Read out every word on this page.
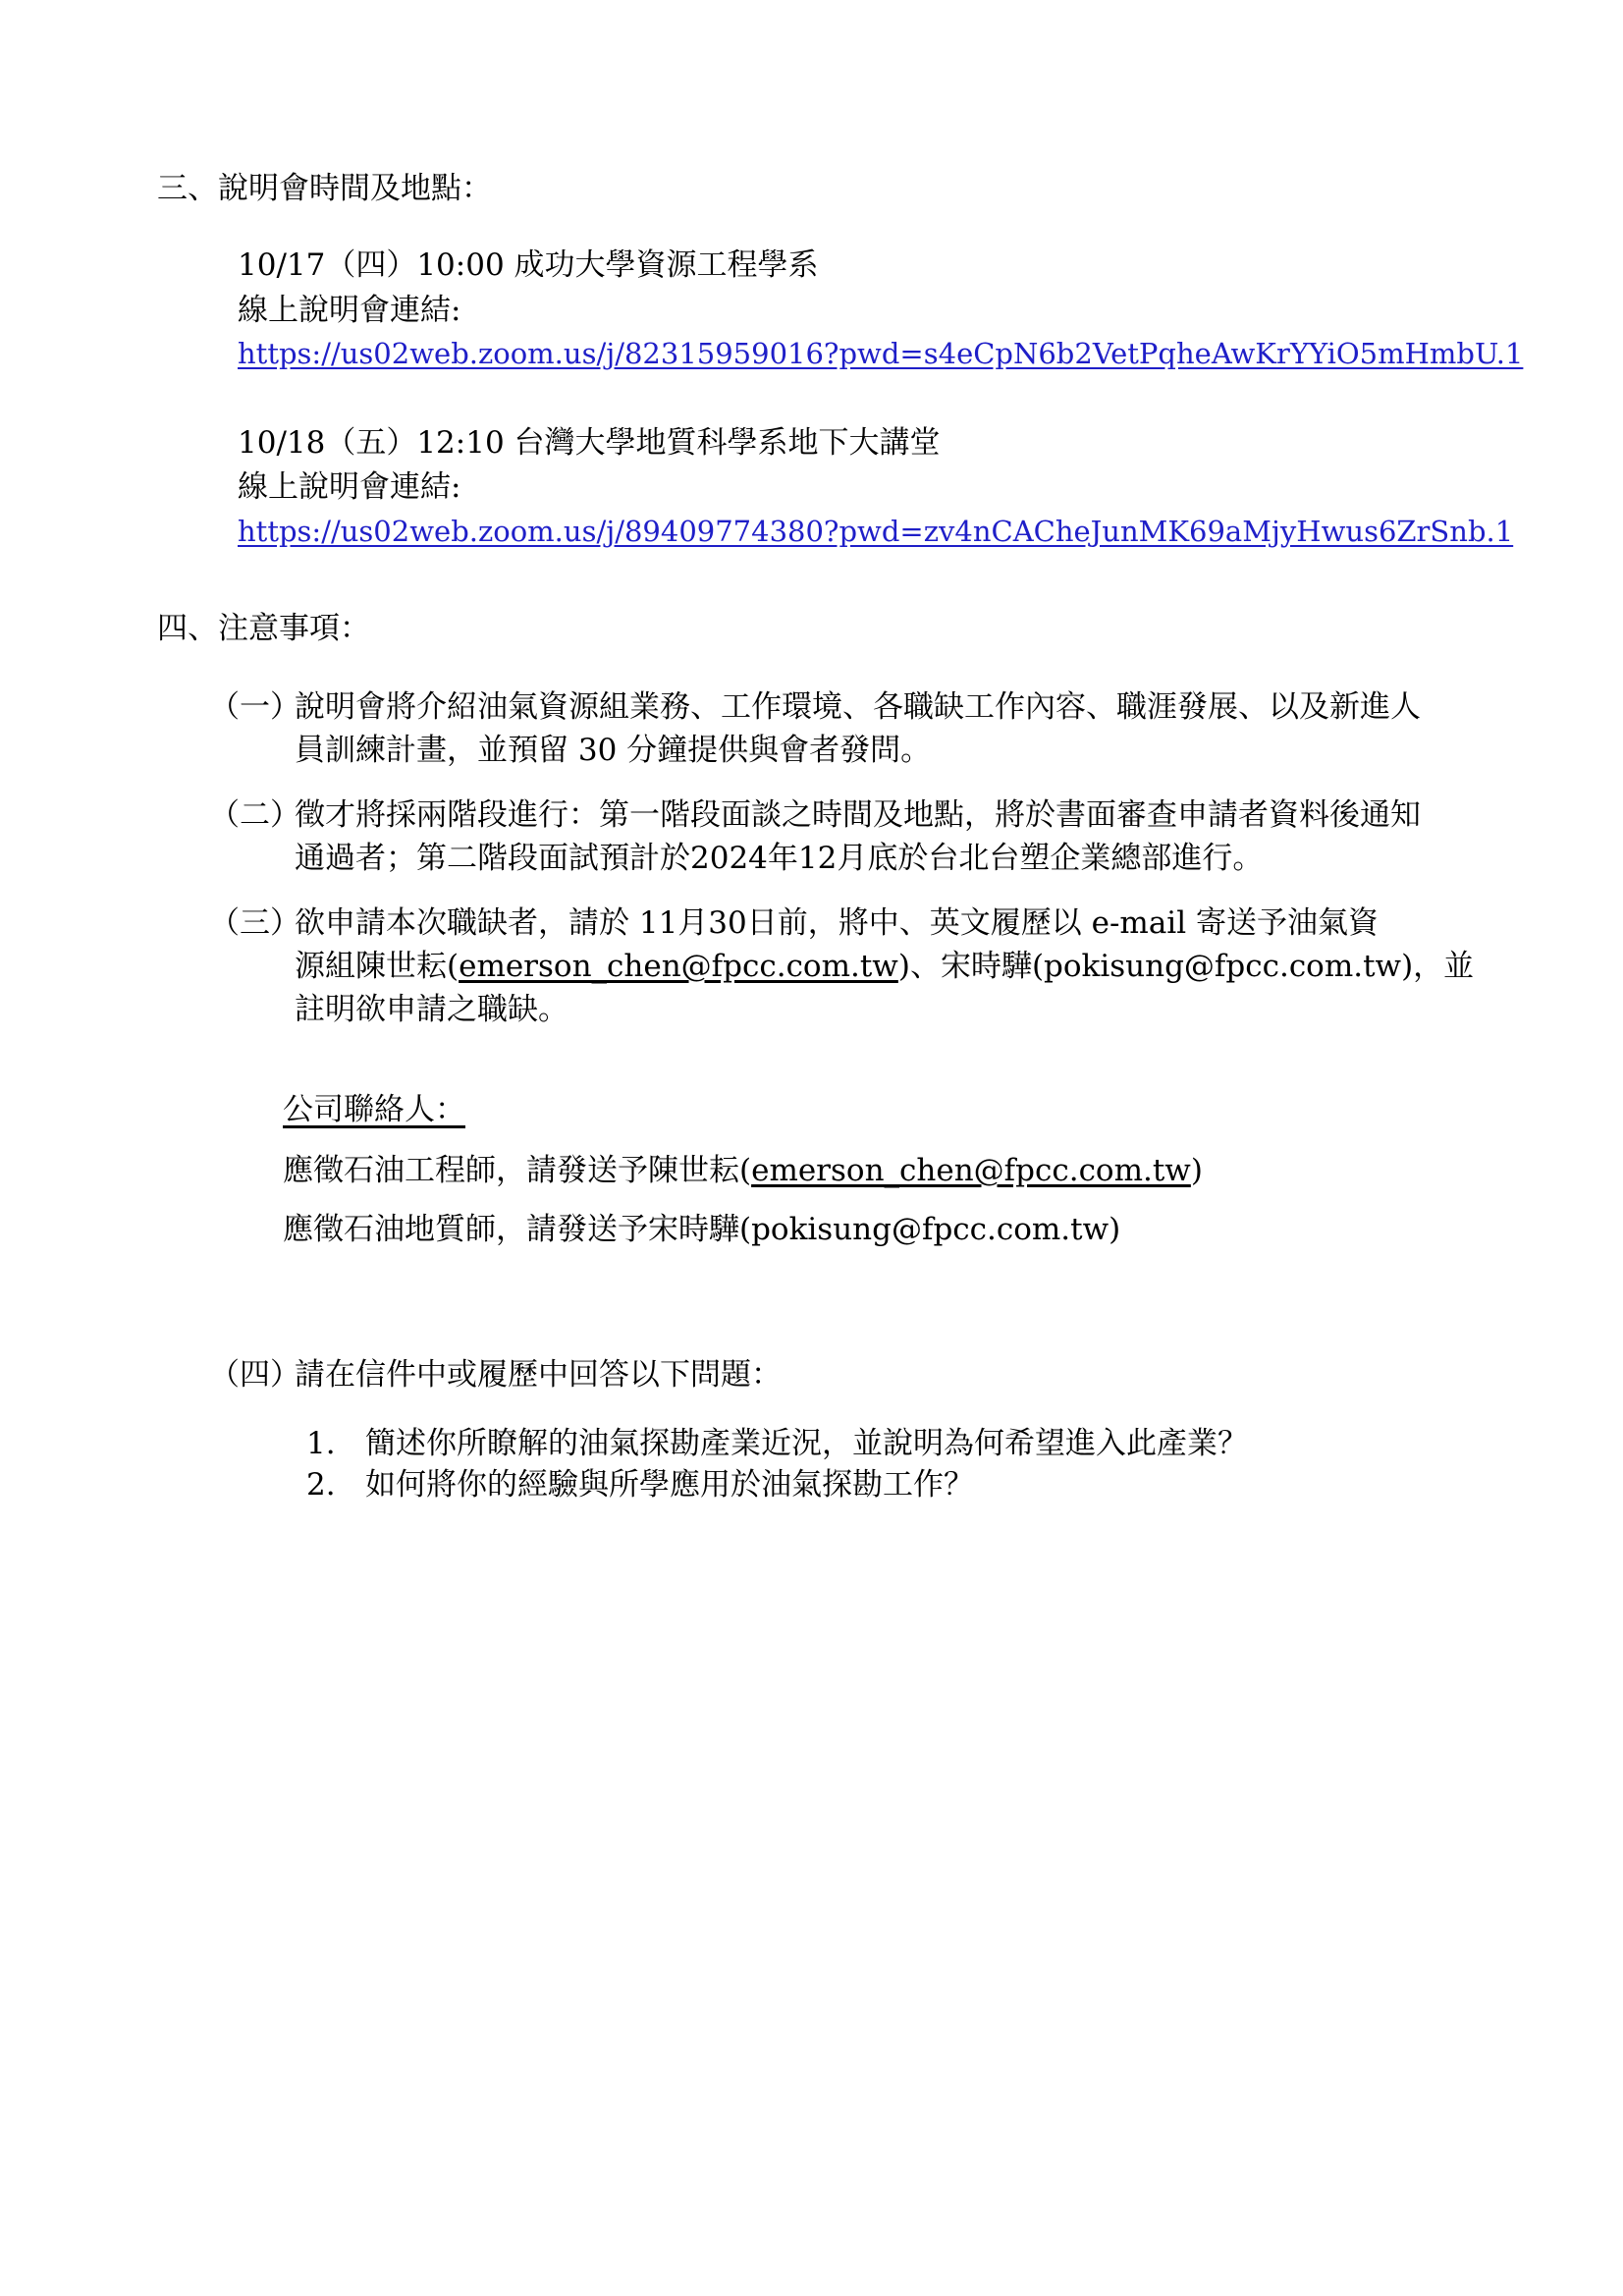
三、說明會時間及地點：
10/17（四）10:00 成功大學資源工程學系
線上說明會連結:
https://us02web.zoom.us/j/82315959016?pwd=s4eCpN6b2VetPqheAwKrYYiO5mHmbU.1
10/18（五）12:10 台灣大學地質科學系地下大講堂
線上說明會連結:
https://us02web.zoom.us/j/89409774380?pwd=zv4nCACheJunMK69aMjyHwus6ZrSnb.1
四、注意事項：
（一）
說明會將介紹油氣資源組業務、工作環境、各職缺工作內容、職涯發展、以及新進人
員訓練計畫，並預留 30 分鐘提供與會者發問。
（二）
徵才將採兩階段進行：第一階段面談之時間及地點，將於書面審查申請者資料後通知
通過者；第二階段面試預計於2024年12月底於台北台塑企業總部進行。
（三）
欲申請本次職缺者，請於 11月30日前，將中、英文履歷以 e-mail 寄送予油氣資
源組陳世耘(emerson_chen@fpcc.com.tw)、宋時驊(pokisung@fpcc.com.tw)，並
註明欲申請之職缺。
公司聯絡人：
應徵石油工程師，請發送予陳世耘(emerson_chen@fpcc.com.tw)
應徵石油地質師，請發送予宋時驊(pokisung@fpcc.com.tw)
（四）
請在信件中或履歷中回答以下問題：
1. 簡述你所瞭解的油氣探勘產業近況，並說明為何希望進入此產業？
2. 如何將你的經驗與所學應用於油氣探勘工作？
